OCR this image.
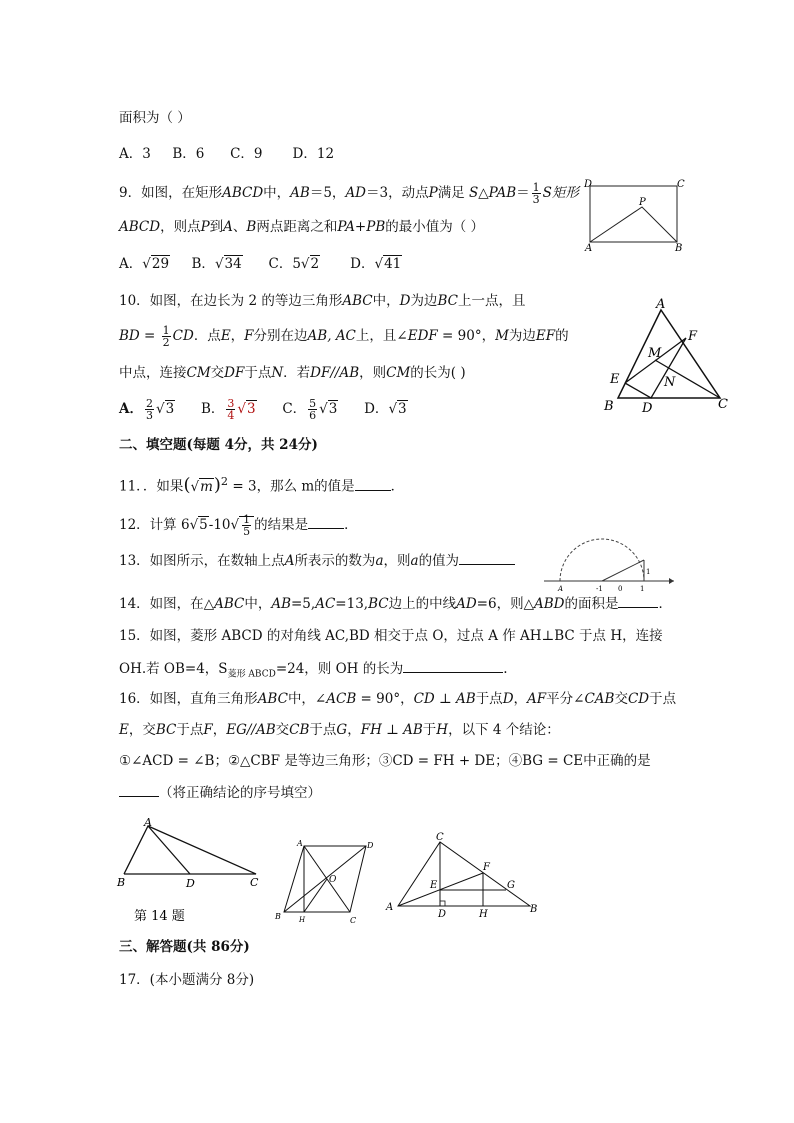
面积为（ ）
A．3 B．6 C．9 D．12
9．如图，在矩形ABCD中，AB＝5，AD＝3，动点P满足 S△PAB＝ $\frac{1}{3}$ S矩形
ABCD，则点P到A、B两点距离之和PA+PB的最小值为（ ）
A．√29 B．√34 C．5√2 D．√41
D	C
P
A	B
10．如图，在边长为 2 的等边三角形ABC中，D为边BC上一点，且
BD = $\frac{1}{2}$ CD．点E，F分别在边AB, AC上，且∠EDF = 90°，M为边EF的
中点，连接CM交DF于点N．若DF//AB，则CM的长为( )
A． $\frac{2}{3} √3$ B． $\frac{3}{4} √3$ C． $\frac{5}{6} √3$ D．√3
A
F
M
E	N
B D	C
二、填空题(每题 4分，共 24分)
11．．如果$(√m)^2 = 3$，那么 m的值是	．
12．计算 $6√5-10√ \frac{1}{5}$ 的结果是	．
13．如图所示，在数轴上点A所表示的数为a，则a的值为
A	-1 0	1
1
14．如图，在△ABC中，AB=5,AC=13,BC边上的中线AD=6，则△ABD的面积是	．
15．如图，菱形 ABCD 的对角线 AC,BD 相交于点 O，过点 A 作 AH⊥BC 于点 H，连接
OH.若 OB=4，$S_{菱形 ABCD}=24$，则 OH 的长为	.
16．如图，直角三角形ABC中，∠ACB = 90°，CD ⊥ AB于点D，AF平分∠CAB交CD于点
E，交BC于点F，EG//AB交CB于点G，FH ⊥ AB于H，以下 4 个结论：
①∠ACD = ∠B；②△CBF 是等边三角形；③CD = FH + DE；④BG = CE中正确的是
（将正确结论的序号填空）
A
B	D	C
第 14 题
A	D
O
B	H	C
C
F
E	G
A
D	H	B
三、解答题(共 86分)
17．(本小题满分 8分)
